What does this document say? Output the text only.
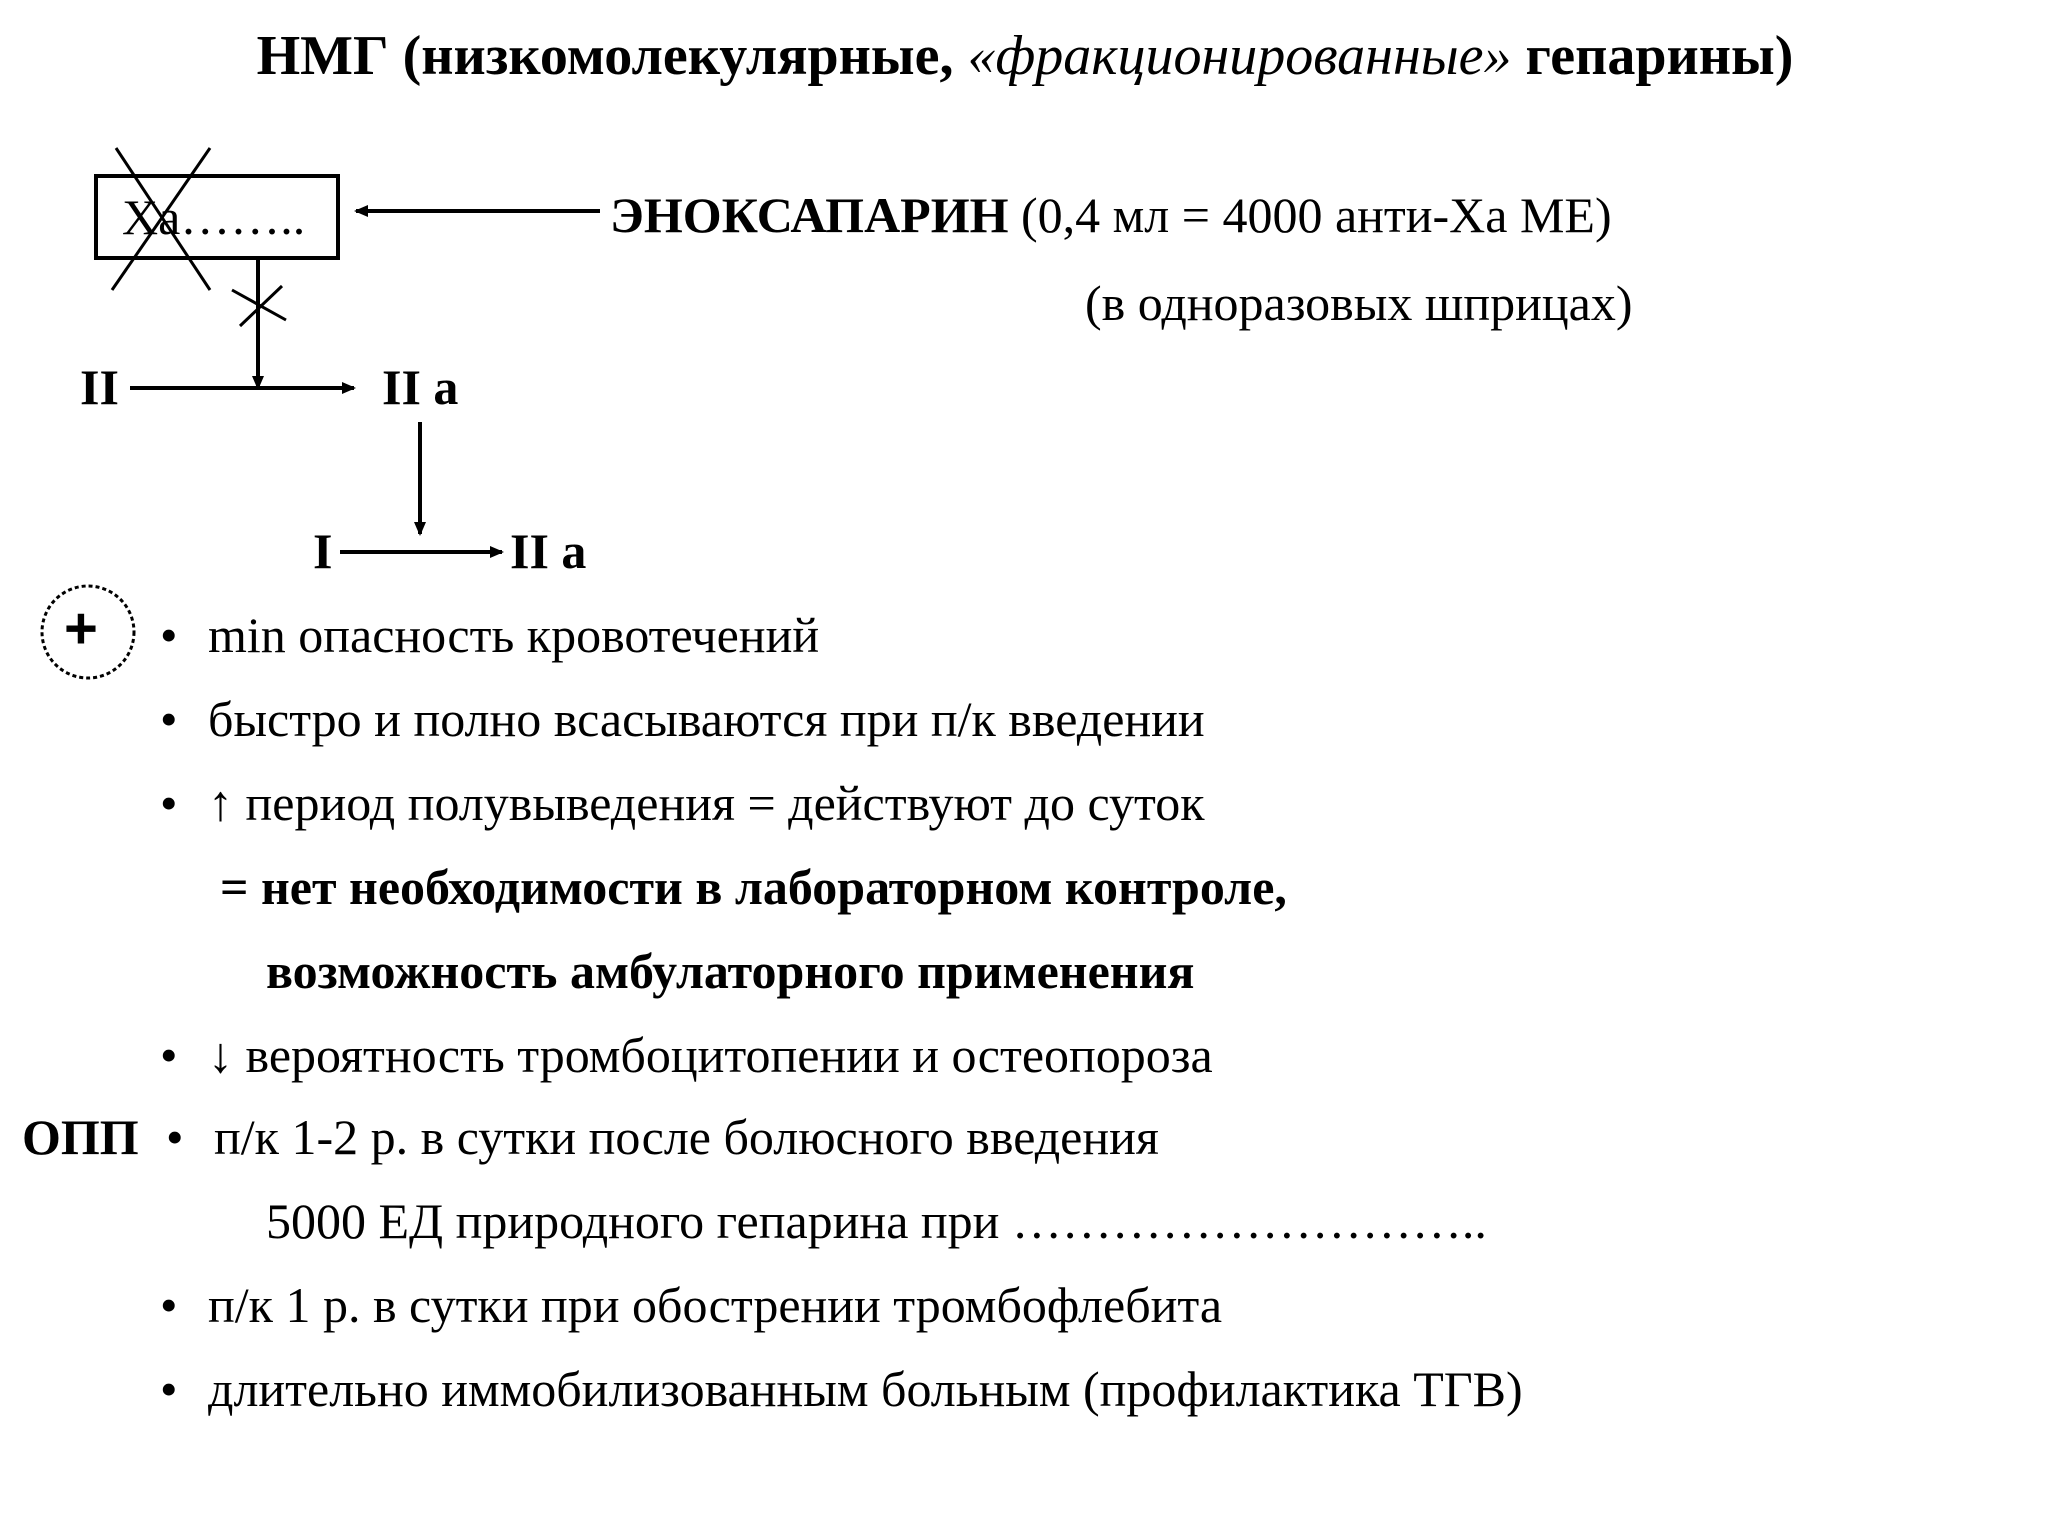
НМГ (низкомолекулярные, «фракционированные» гепарины)
Xa……..	ЭНОКСАПАРИН (0,4 мл = 4000 анти-Ха МЕ)
(в одноразовых шприцах)
II	II a
I	II a
+ • min опасность кровотечений
• быстро и полно всасываются при п/к введении
• ↑ период полувыведения = действуют до суток
= нет необходимости в лабораторном контроле,
возможность амбулаторного применения
• ↓ вероятность тромбоцитопении и остеопороза
ОПП • п/к 1-2 р. в сутки после болюсного введения
5000 ЕД природного гепарина при ………………………..
• п/к 1 р. в сутки при обострении тромбофлебита
• длительно иммобилизованным больным (профилактика ТГВ)
